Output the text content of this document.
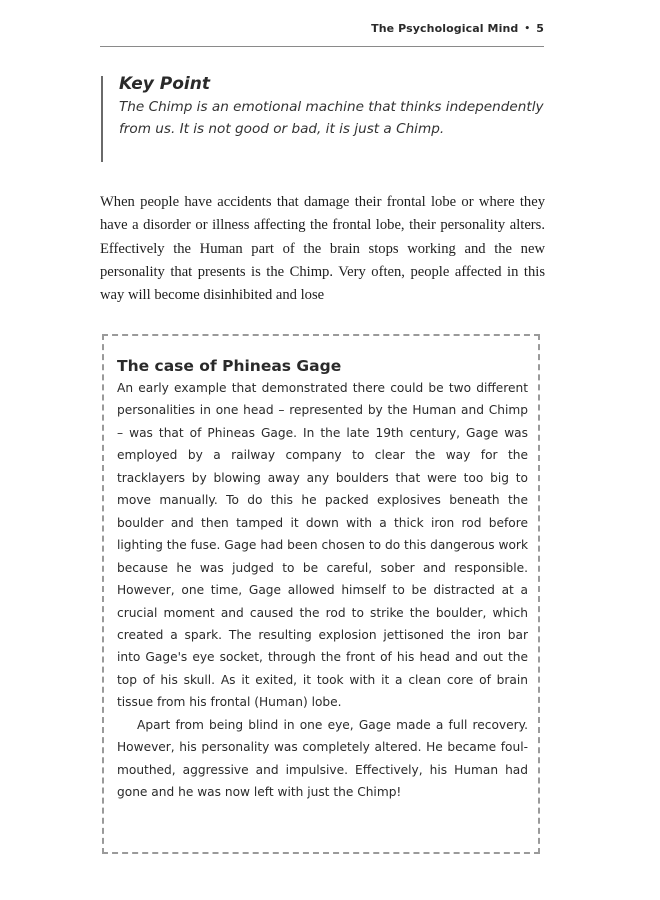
The Psychological Mind • 5
Key Point
The Chimp is an emotional machine that thinks independently from us. It is not good or bad, it is just a Chimp.
When people have accidents that damage their frontal lobe or where they have a disorder or illness affecting the frontal lobe, their personality alters. Effectively the Human part of the brain stops working and the new personality that presents is the Chimp. Very often, people affected in this way will become disinhibited and lose
The case of Phineas Gage

An early example that demonstrated there could be two different personalities in one head – represented by the Human and Chimp – was that of Phineas Gage. In the late 19th century, Gage was employed by a railway company to clear the way for the tracklayers by blowing away any boulders that were too big to move manually. To do this he packed explosives beneath the boulder and then tamped it down with a thick iron rod before lighting the fuse. Gage had been chosen to do this dangerous work because he was judged to be careful, sober and responsible. However, one time, Gage allowed himself to be distracted at a crucial moment and caused the rod to strike the boulder, which created a spark. The resulting explosion jettisoned the iron bar into Gage's eye socket, through the front of his head and out the top of his skull. As it exited, it took with it a clean core of brain tissue from his frontal (Human) lobe.

Apart from being blind in one eye, Gage made a full recovery. However, his personality was completely altered. He became foul-mouthed, aggressive and impulsive. Effectively, his Human had gone and he was now left with just the Chimp!
